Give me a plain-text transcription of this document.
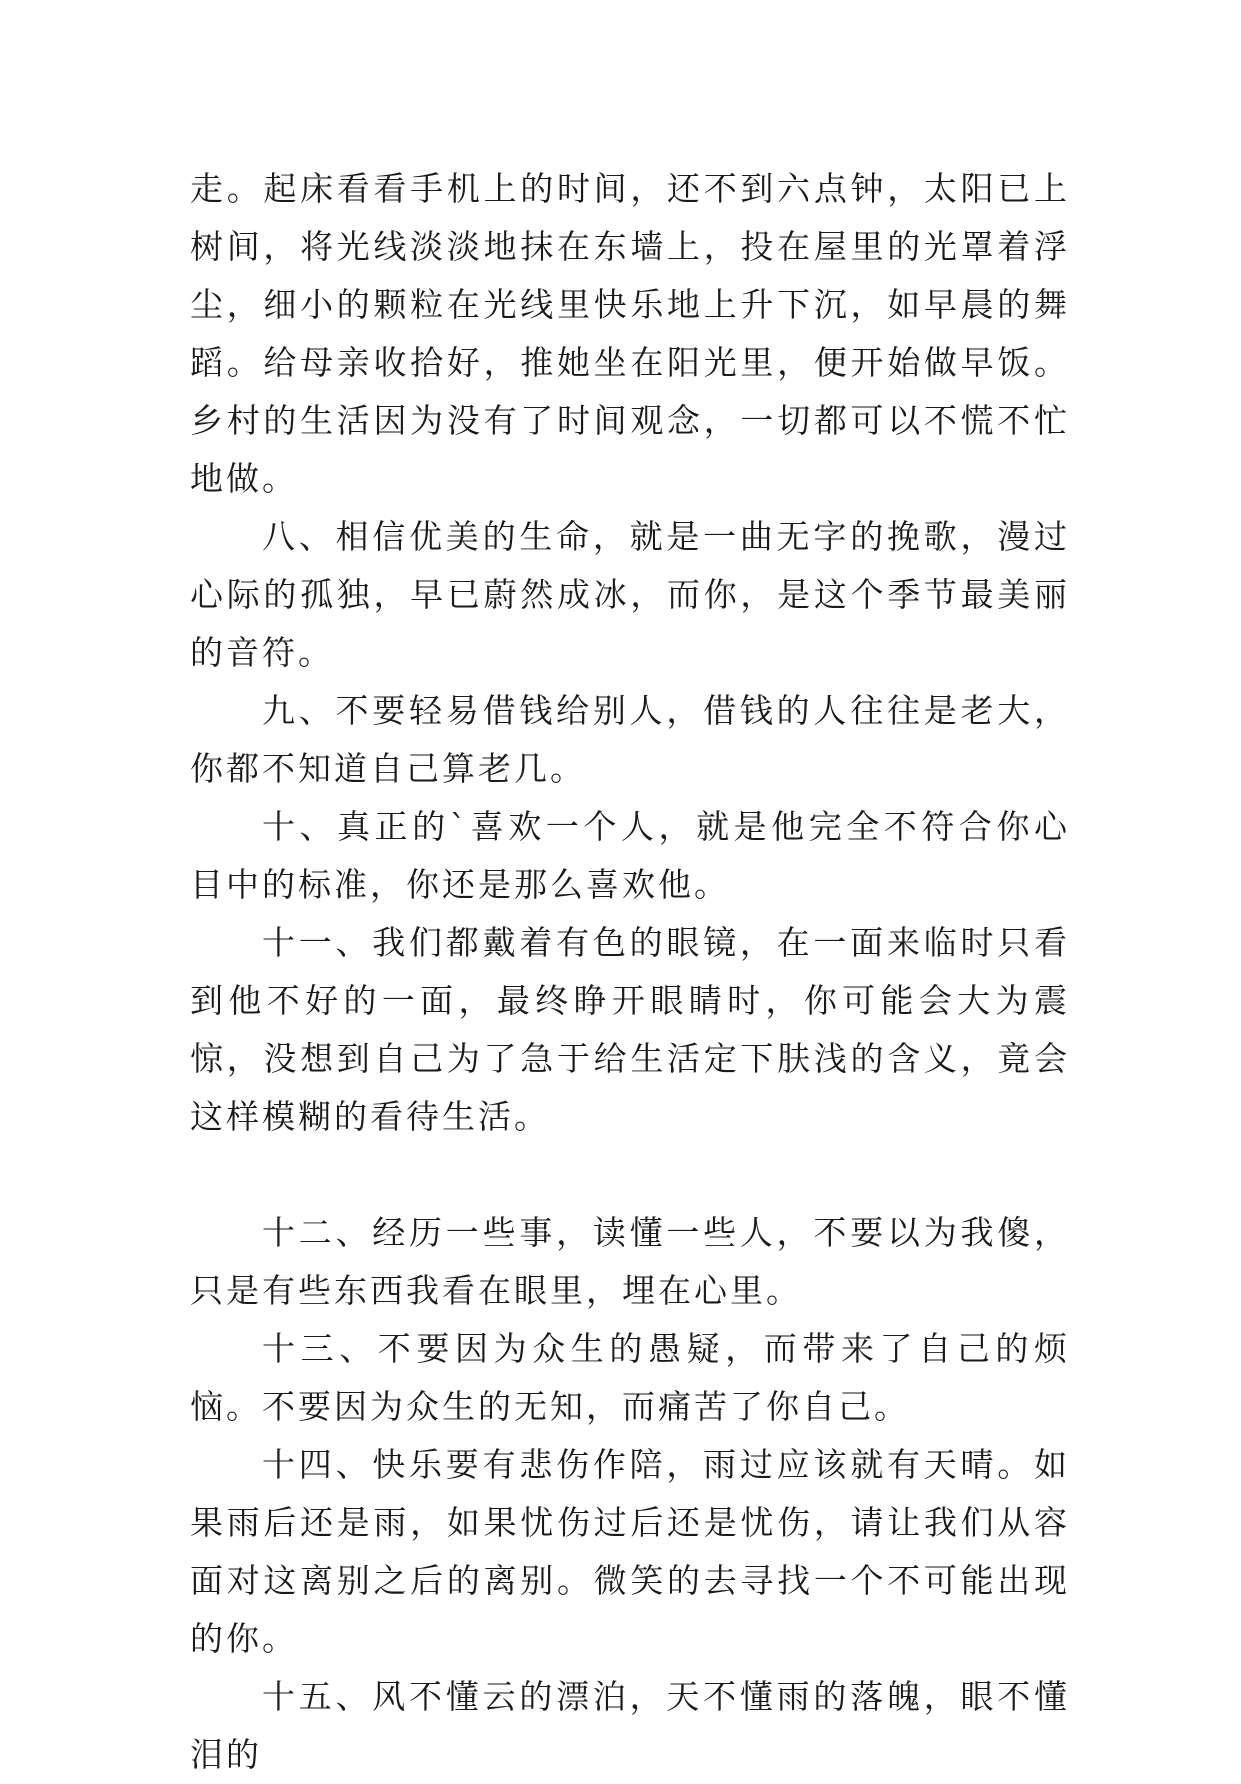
走。起床看看手机上的时间，还不到六点钟，太阳已上树间，将光线淡淡地抹在东墙上，投在屋里的光罩着浮尘，细小的颗粒在光线里快乐地上升下沉，如早晨的舞蹈。给母亲收拾好，推她坐在阳光里，便开始做早饭。乡村的生活因为没有了时间观念，一切都可以不慌不忙地做。

八、相信优美的生命，就是一曲无字的挽歌，漫过心际的孤独，早已蔚然成冰，而你，是这个季节最美丽的音符。

九、不要轻易借钱给别人，借钱的人往往是老大，你都不知道自己算老几。

十、真正的`喜欢一个人，就是他完全不符合你心目中的标准，你还是那么喜欢他。

十一、我们都戴着有色的眼镜，在一面来临时只看到他不好的一面，最终睁开眼睛时，你可能会大为震惊，没想到自己为了急于给生活定下肤浅的含义，竟会这样模糊的看待生活。

十二、经历一些事，读懂一些人，不要以为我傻，只是有些东西我看在眼里，埋在心里。

十三、不要因为众生的愚疑，而带来了自己的烦恼。不要因为众生的无知，而痛苦了你自己。

十四、快乐要有悲伤作陪，雨过应该就有天晴。如果雨后还是雨，如果忧伤过后还是忧伤，请让我们从容面对这离别之后的离别。微笑的去寻找一个不可能出现的你。

十五、风不懂云的漂泊，天不懂雨的落魄，眼不懂泪的
